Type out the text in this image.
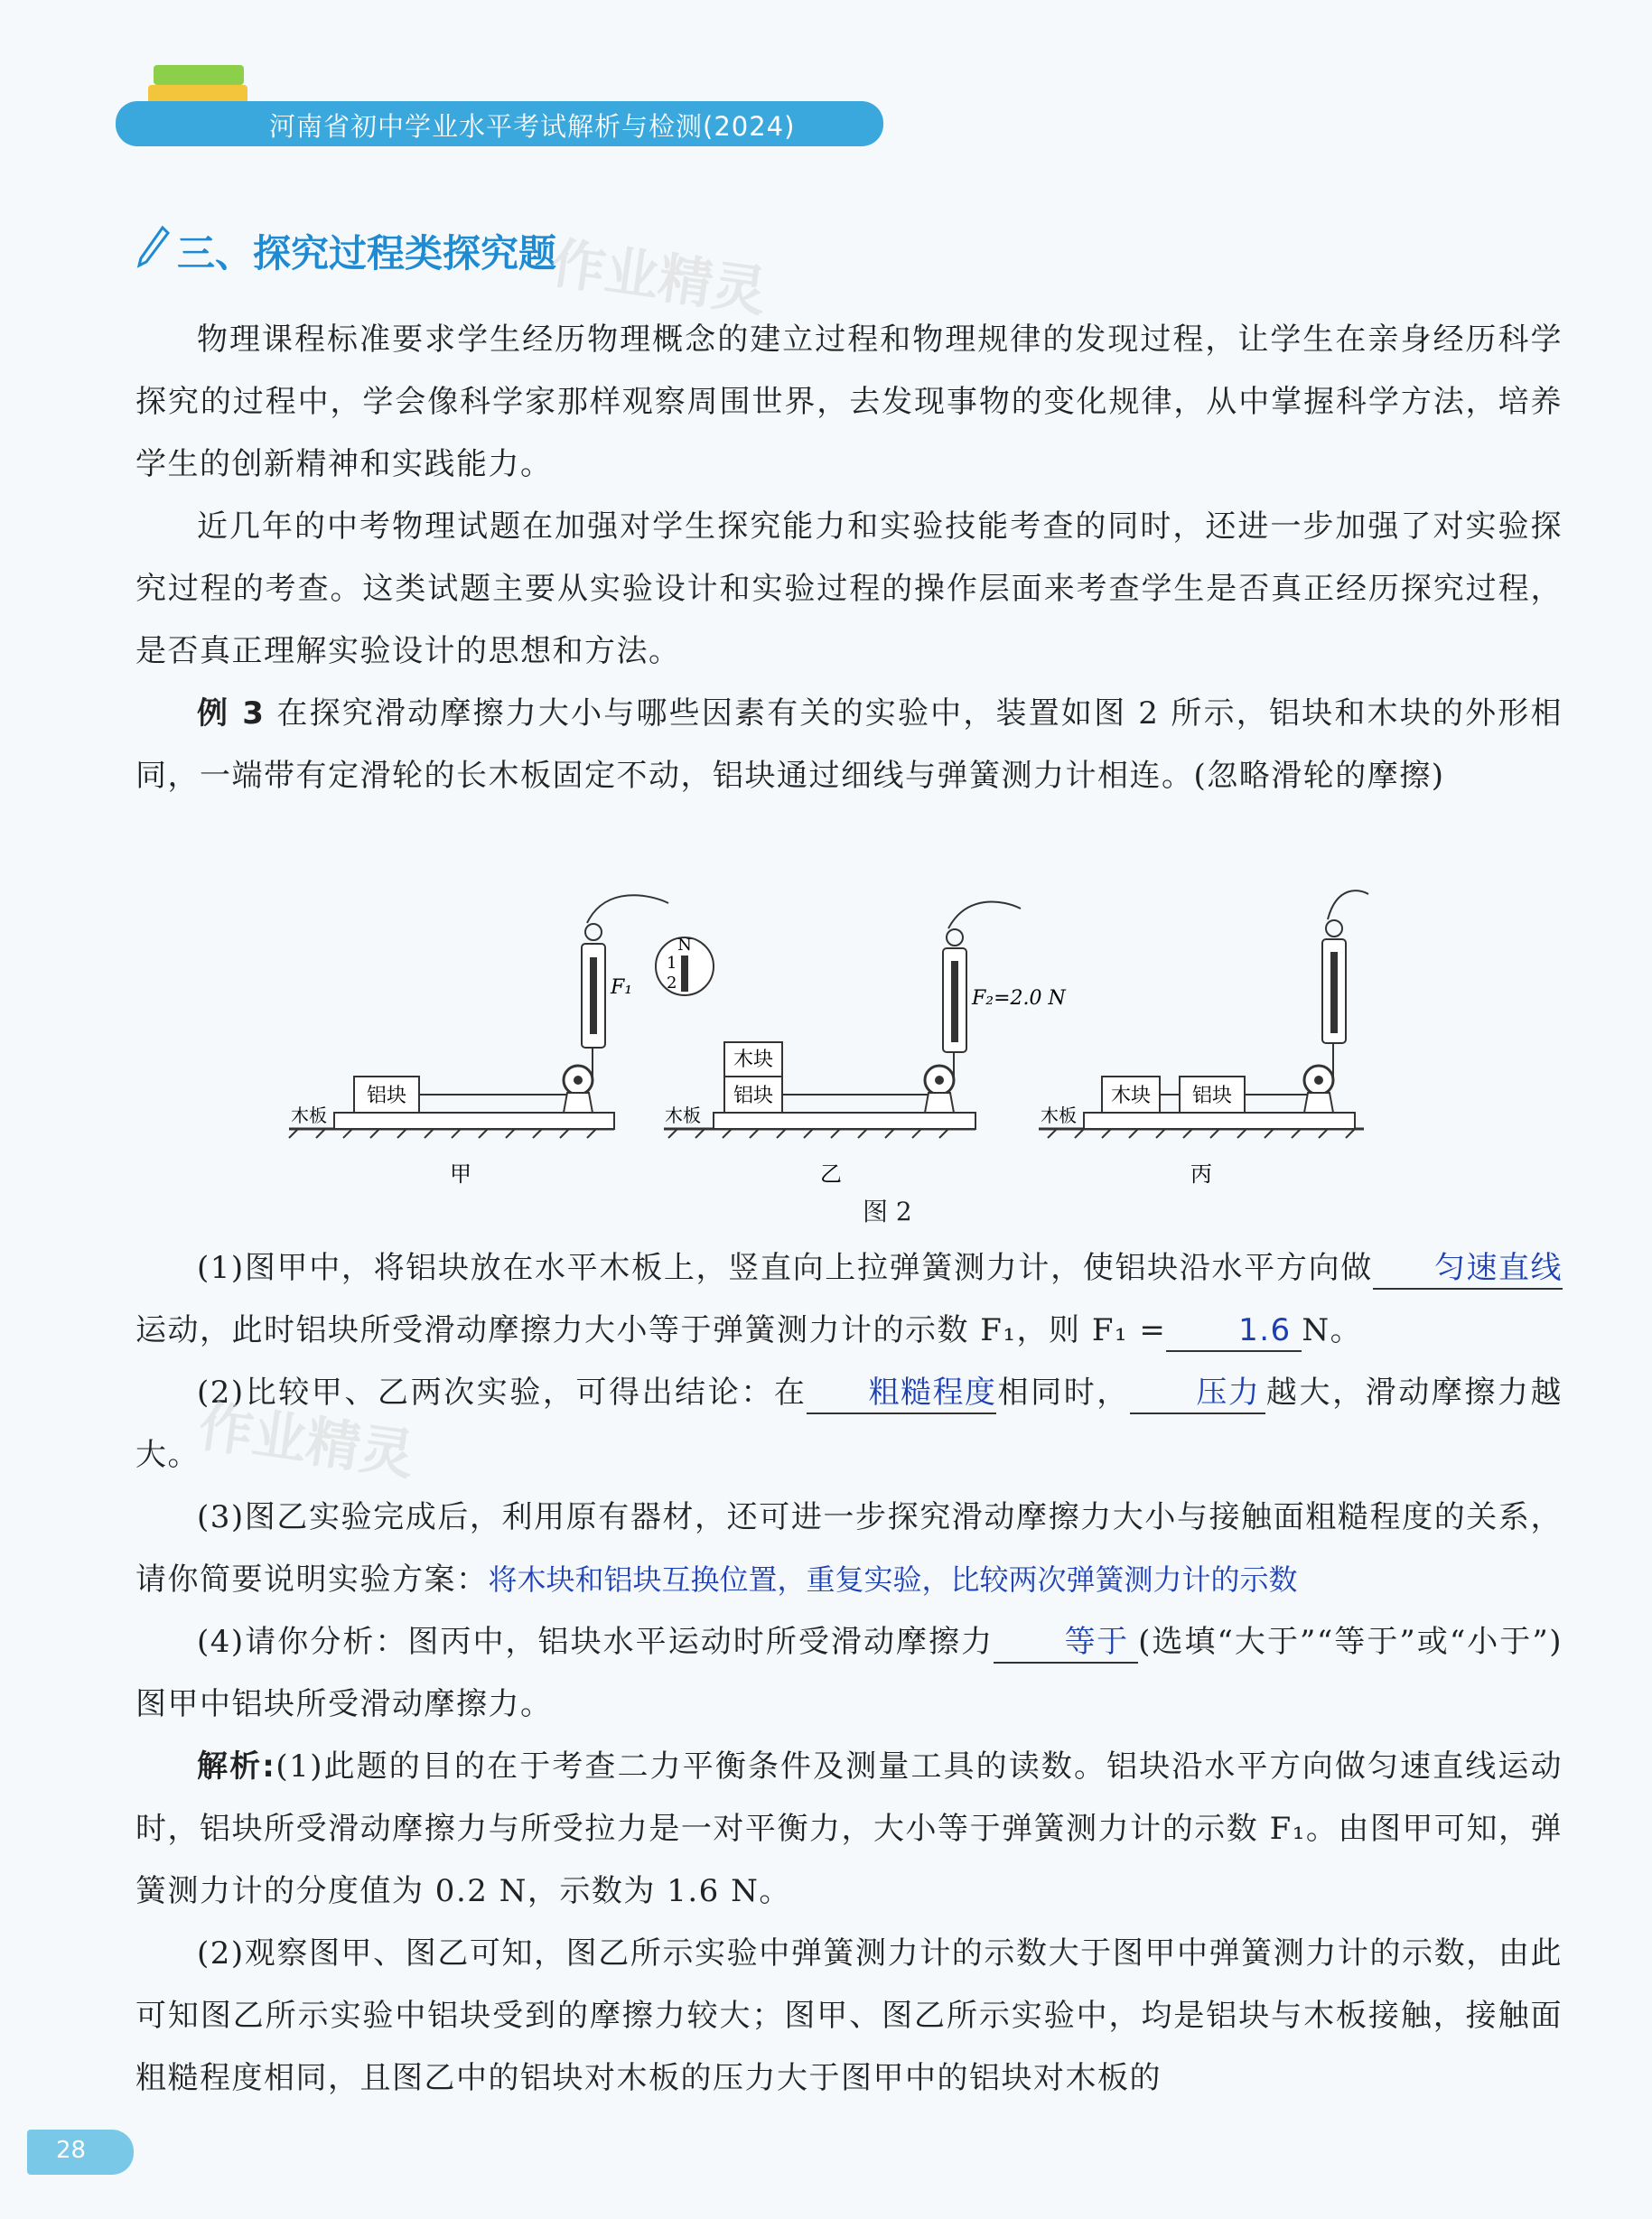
河南省初中学业水平考试解析与检测(2024)
三、探究过程类探究题
作业精灵

物理课程标准要求学生经历物理概念的建立过程和物理规律的发现过程，让学生在亲身经历科学探究的过程中，学会像科学家那样观察周围世界，去发现事物的变化规律，从中掌握科学方法，培养学生的创新精神和实践能力。

近几年的中考物理试题在加强对学生探究能力和实验技能考查的同时，还进一步加强了对实验探究过程的考查。这类试题主要从实验设计和实验过程的操作层面来考查学生是否真正经历探究过程，是否真正理解实验设计的思想和方法。

例 3 在探究滑动摩擦力大小与哪些因素有关的实验中，装置如图 2 所示，铝块和木块的外形相同，一端带有定滑轮的长木板固定不动，铝块通过细线与弹簧测力计相连。(忽略滑轮的摩擦)

铝块
F₁
N
1
2
木板
甲
木块
铝块
F₂=2.0 N
木板
乙
木块 铝块
木板
丙
图 2

(1)图甲中，将铝块放在水平木板上，竖直向上拉弹簧测力计，使铝块沿水平方向做 匀速直线运动，此时铝块所受滑动摩擦力大小等于弹簧测力计的示数 F₁，则 F₁ = 1.6 N。

(2)比较甲、乙两次实验，可得出结论：在 粗糙程度相同时， 压力 越大，滑动摩擦力越大。

作业精灵

(3)图乙实验完成后，利用原有器材，还可进一步探究滑动摩擦力大小与接触面粗糙程度的关系，请你简要说明实验方案：将木块和铝块互换位置，重复实验，比较两次弹簧测力计的示数

(4)请你分析：图丙中，铝块水平运动时所受滑动摩擦力 等于 (选填“大于”“等于”或“小于”)图甲中铝块所受滑动摩擦力。

解析:(1)此题的目的在于考查二力平衡条件及测量工具的读数。铝块沿水平方向做匀速直线运动时，铝块所受滑动摩擦力与所受拉力是一对平衡力，大小等于弹簧测力计的示数 F₁。由图甲可知，弹簧测力计的分度值为 0.2 N，示数为 1.6 N。

(2)观察图甲、图乙可知，图乙所示实验中弹簧测力计的示数大于图甲中弹簧测力计的示数，由此可知图乙所示实验中铝块受到的摩擦力较大；图甲、图乙所示实验中，均是铝块与木板接触，接触面粗糙程度相同，且图乙中的铝块对木板的压力大于图甲中的铝块对木板的

28
